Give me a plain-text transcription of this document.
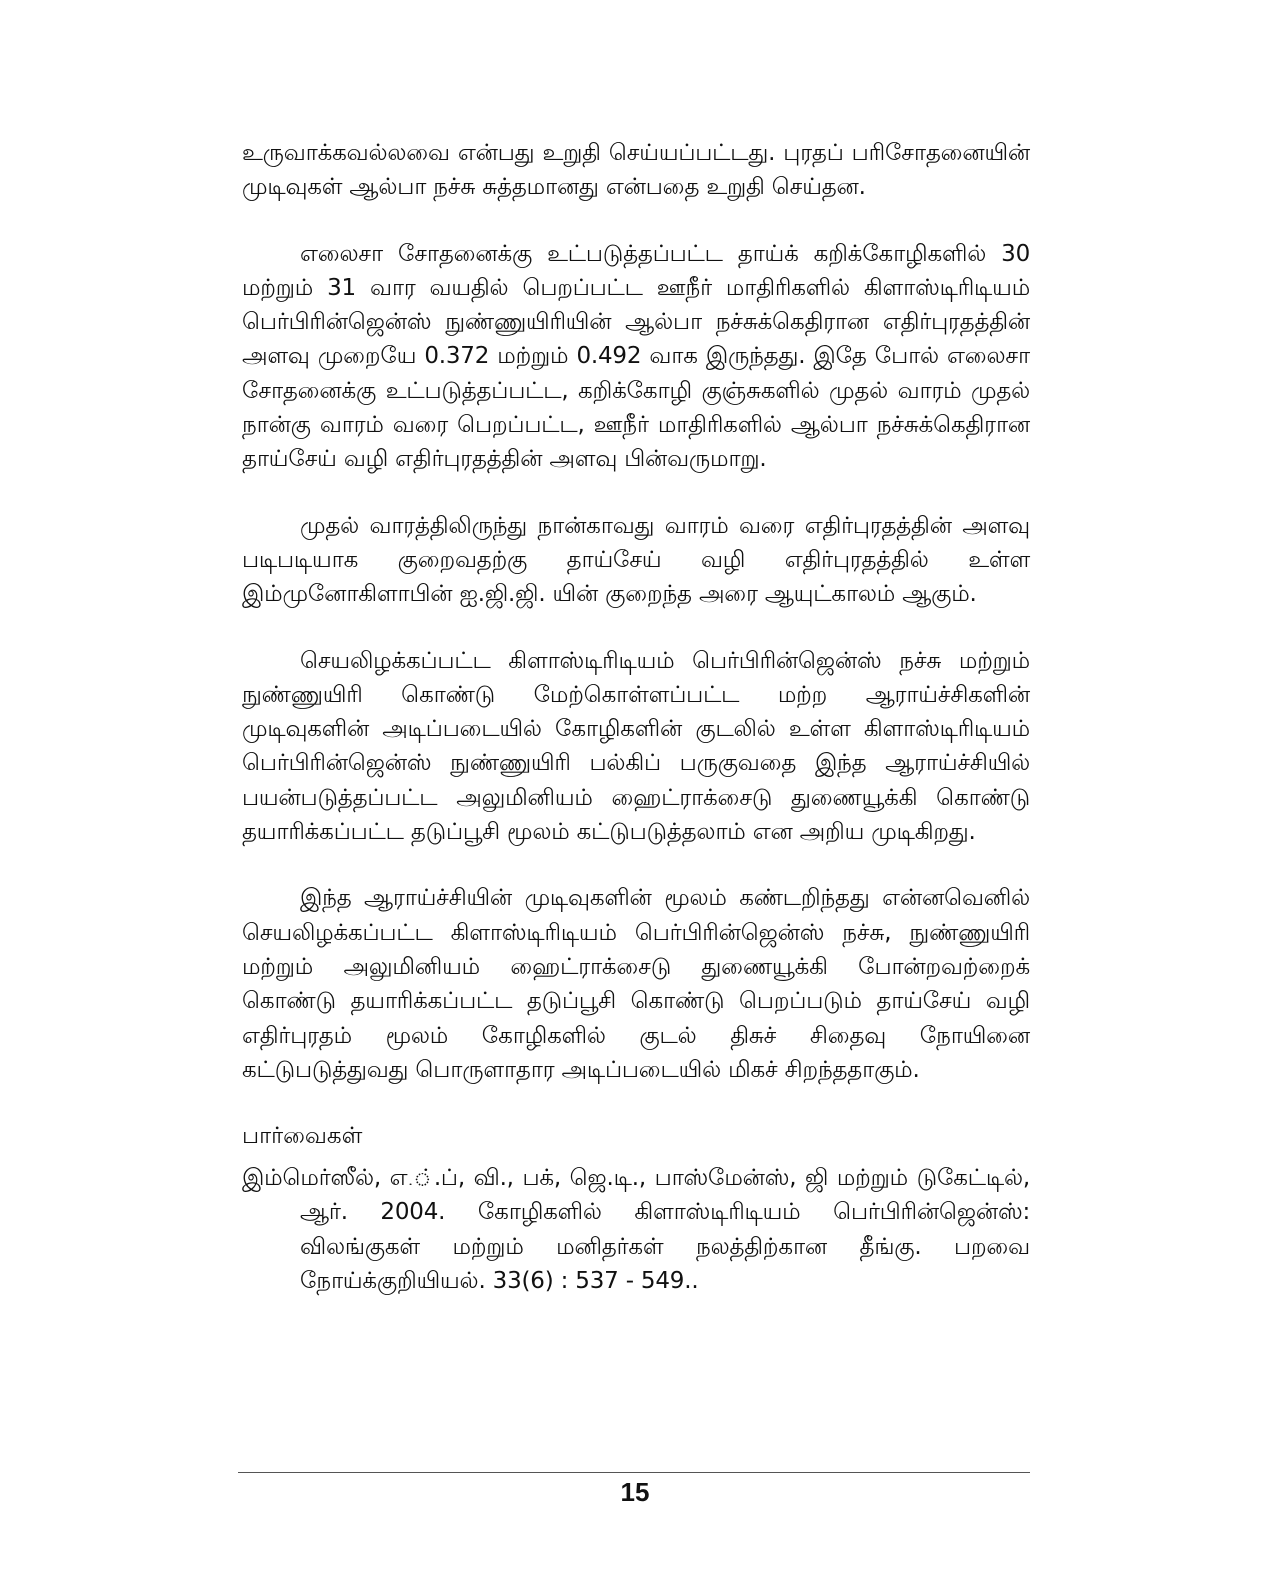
உருவாக்கவல்லவை என்பது உறுதி செய்யப்பட்டது. புரதப் பரிசோதனையின் முடிவுகள் ஆல்பா நச்சு சுத்தமானது என்பதை உறுதி செய்தன.

எலைசா சோதனைக்கு உட்படுத்தப்பட்ட தாய்க் கறிக்கோழிகளில் 30 மற்றும் 31 வார வயதில் பெறப்பட்ட ஊநீர் மாதிரிகளில் கிளாஸ்டிரிடியம் பெர்பிரின்ஜென்ஸ் நுண்ணுயிரியின் ஆல்பா நச்சுக்கெதிரான எதிர்புரதத்தின் அளவு முறையே 0.372 மற்றும் 0.492 வாக இருந்தது. இதே போல் எலைசா சோதனைக்கு உட்படுத்தப்பட்ட, கறிக்கோழி குஞ்சுகளில் முதல் வாரம் முதல் நான்கு வாரம் வரை பெறப்பட்ட, ஊநீர் மாதிரிகளில் ஆல்பா நச்சுக்கெதிரான தாய்சேய் வழி எதிர்புரதத்தின் அளவு பின்வருமாறு.

முதல் வாரத்திலிருந்து நான்காவது வாரம் வரை எதிர்புரதத்தின் அளவு படிபடியாக குறைவதற்கு தாய்சேய் வழி எதிர்புரதத்தில் உள்ள இம்முனோகிளாபின் ஐ.ஜி.ஜி. யின் குறைந்த அரை ஆயுட்காலம் ஆகும்.

செயலிழக்கப்பட்ட கிளாஸ்டிரிடியம் பெர்பிரின்ஜென்ஸ் நச்சு மற்றும் நுண்ணுயிரி கொண்டு மேற்கொள்ளப்பட்ட மற்ற ஆராய்ச்சிகளின் முடிவுகளின் அடிப்படையில் கோழிகளின் குடலில் உள்ள கிளாஸ்டிரிடியம் பெர்பிரின்ஜென்ஸ் நுண்ணுயிரி பல்கிப் பருகுவதை இந்த ஆராய்ச்சியில் பயன்படுத்தப்பட்ட அலுமினியம் ஹைட்ராக்சைடு துணையூக்கி கொண்டு தயாரிக்கப்பட்ட தடுப்பூசி மூலம் கட்டுபடுத்தலாம் என அறிய முடிகிறது.

இந்த ஆராய்ச்சியின் முடிவுகளின் மூலம் கண்டறிந்தது என்னவெனில் செயலிழக்கப்பட்ட கிளாஸ்டிரிடியம் பெர்பிரின்ஜென்ஸ் நச்சு, நுண்ணுயிரி மற்றும் அலுமினியம் ஹைட்ராக்சைடு துணையூக்கி போன்றவற்றைக் கொண்டு தயாரிக்கப்பட்ட தடுப்பூசி கொண்டு பெறப்படும் தாய்சேய் வழி எதிர்புரதம் மூலம் கோழிகளில் குடல் திசுச் சிதைவு நோயினை கட்டுபடுத்துவது பொருளாதார அடிப்படையில் மிகச் சிறந்ததாகும்.

பார்வைகள்

இம்மெர்ஸீல், எ.்.ப், வி., பக், ஜெ.டி., பாஸ்மேன்ஸ், ஜி மற்றும் டுகேட்டில், ஆர். 2004. கோழிகளில் கிளாஸ்டிரிடியம் பெர்பிரின்ஜென்ஸ்: விலங்குகள் மற்றும் மனிதர்கள் நலத்திற்கான தீங்கு. பறவை நோய்க்குறியியல். 33(6) : 537 - 549..

15
